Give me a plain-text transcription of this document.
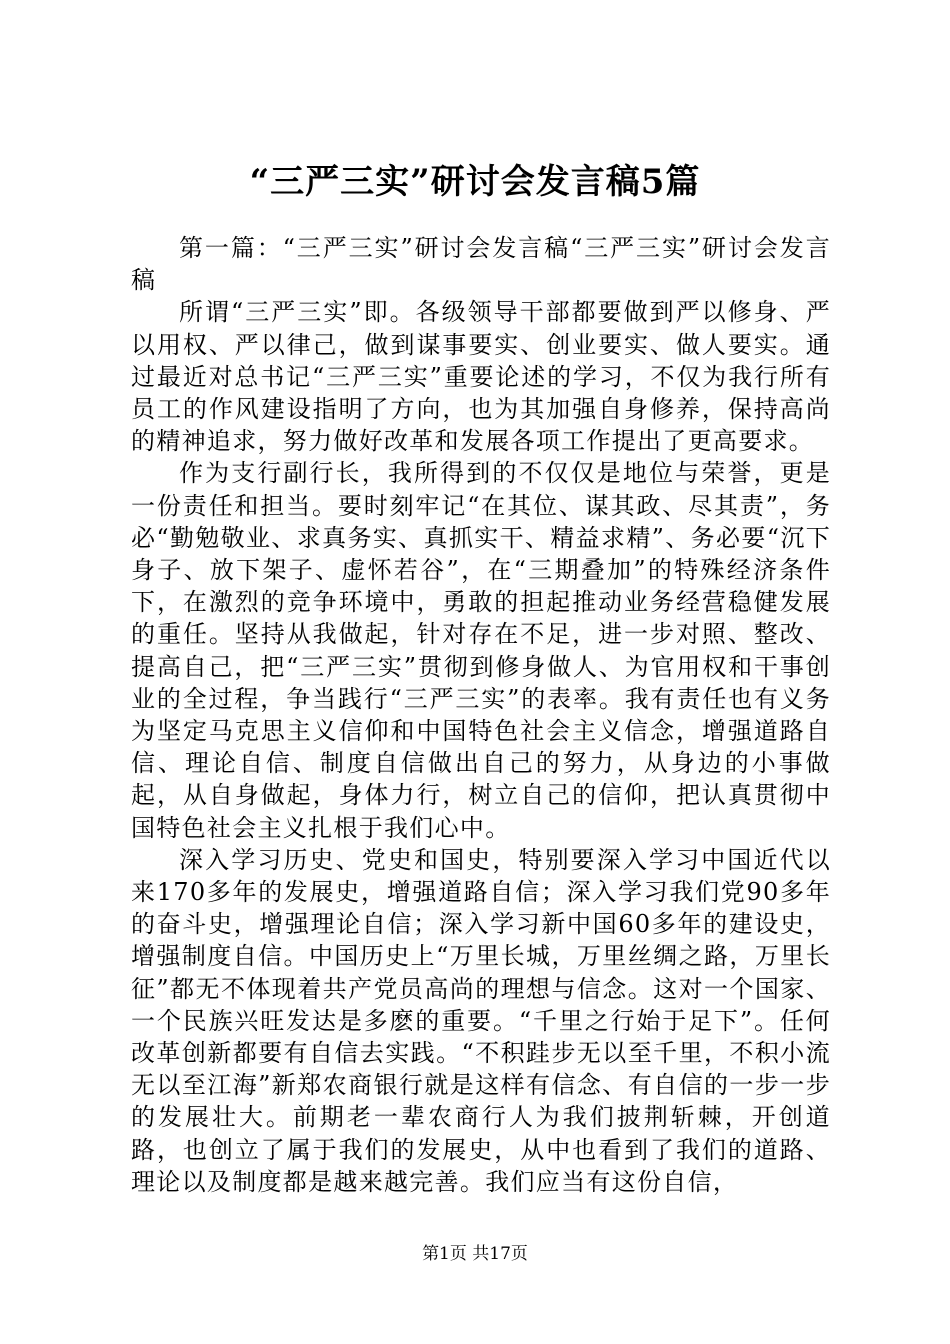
“三严三实”研讨会发言稿5篇

第一篇：“三严三实”研讨会发言稿“三严三实”研讨会发言稿

所谓“三严三实”即。各级领导干部都要做到严以修身、严以用权、严以律己，做到谋事要实、创业要实、做人要实。通过最近对总书记“三严三实”重要论述的学习，不仅为我行所有员工的作风建设指明了方向，也为其加强自身修养，保持高尚的精神追求，努力做好改革和发展各项工作提出了更高要求。

作为支行副行长，我所得到的不仅仅是地位与荣誉，更是一份责任和担当。要时刻牢记“在其位、谋其政、尽其责”，务必“勤勉敬业、求真务实、真抓实干、精益求精”、务必要“沉下身子、放下架子、虚怀若谷”，在“三期叠加”的特殊经济条件下，在激烈的竞争环境中，勇敢的担起推动业务经营稳健发展的重任。坚持从我做起，针对存在不足，进一步对照、整改、提高自己，把“三严三实”贯彻到修身做人、为官用权和干事创业的全过程，争当践行“三严三实”的表率。我有责任也有义务为坚定马克思主义信仰和中国特色社会主义信念，增强道路自信、理论自信、制度自信做出自己的努力，从身边的小事做起，从自身做起，身体力行，树立自己的信仰，把认真贯彻中国特色社会主义扎根于我们心中。

深入学习历史、党史和国史，特别要深入学习中国近代以来170多年的发展史，增强道路自信；深入学习我们党90多年的奋斗史，增强理论自信；深入学习新中国60多年的建设史，增强制度自信。中国历史上“万里长城，万里丝绸之路，万里长征”都无不体现着共产党员高尚的理想与信念。这对一个国家、一个民族兴旺发达是多麽的重要。“千里之行始于足下”。任何改革创新都要有自信去实践。“不积跬步无以至千里，不积小流无以至江海”新郑农商银行就是这样有信念、有自信的一步一步的发展壮大。前期老一辈农商行人为我们披荆斩棘，开创道路，也创立了属于我们的发展史，从中也看到了我们的道路、理论以及制度都是越来越完善。我们应当有这份自信，

第1页 共17页
